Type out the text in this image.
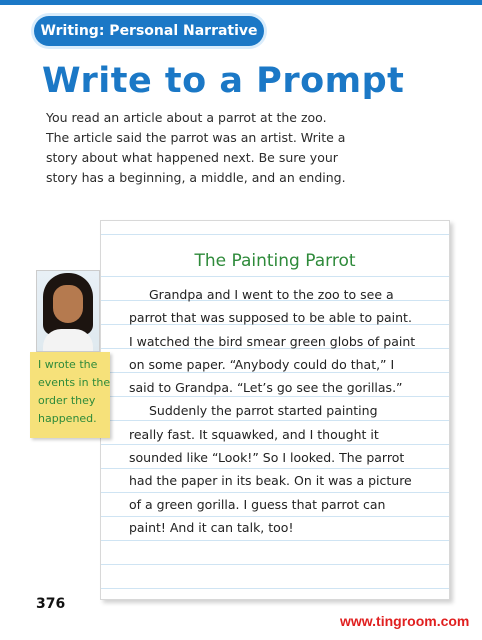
Writing: Personal Narrative
Write to a Prompt
You read an article about a parrot at the zoo.
The article said the parrot was an artist. Write a
story about what happened next. Be sure your
story has a beginning, a middle, and an ending.
The Painting Parrot
Grandpa and I went to the zoo to see a
parrot that was supposed to be able to paint.
I watched the bird smear green globs of paint
on some paper. “Anybody could do that,” I
said to Grandpa. “Let’s go see the gorillas.”
Suddenly the parrot started painting
really fast. It squawked, and I thought it
sounded like “Look!” So I looked. The parrot
had the paper in its beak. On it was a picture
of a green gorilla. I guess that parrot can
paint! And it can talk, too!
I wrote the
events in the
order they
happened.
376
www.tingroom.com
